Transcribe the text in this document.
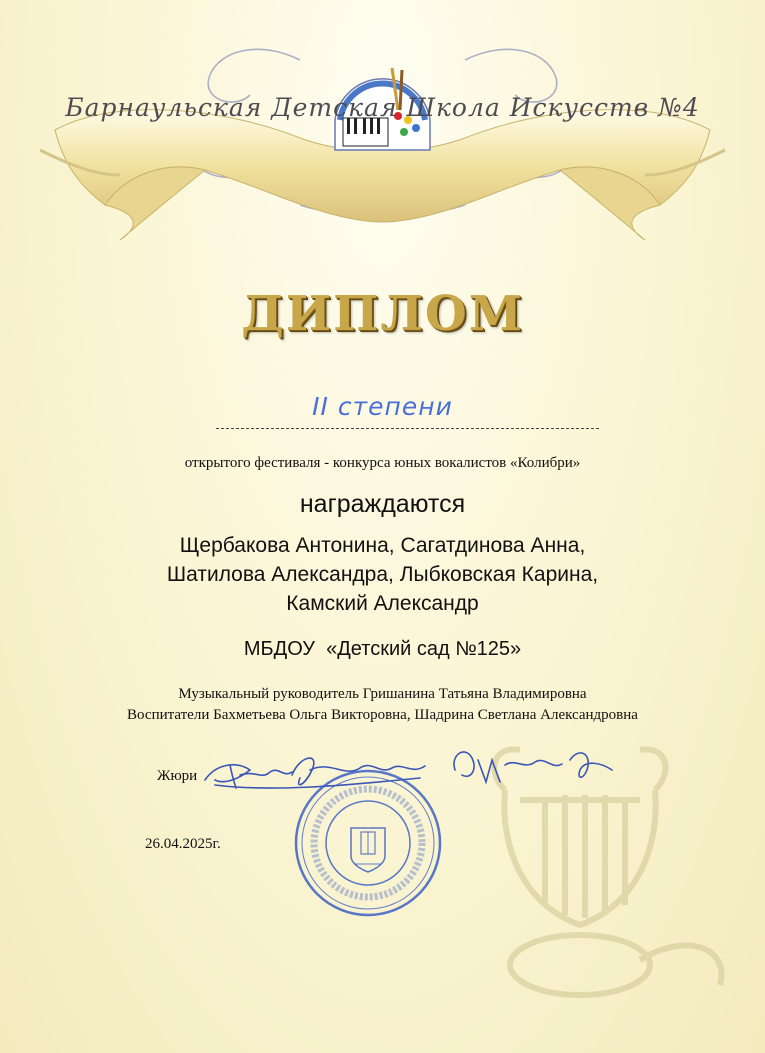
Барнаульская Детская Школа Искусств №4
ДИПЛОМ
II степени
открытого фестиваля - конкурса юных вокалистов «Колибри»
награждаются
Щербакова Антонина, Сагатдинова Анна,
Шатилова Александра, Лыбковская Карина,
Камский Александр
МБДОУ  «Детский сад №125»
Музыкальный руководитель Гришанина Татьяна Владимировна
Воспитатели Бахметьева Ольга Викторовна, Шадрина Светлана Александровна
Жюри
26.04.2025г.
